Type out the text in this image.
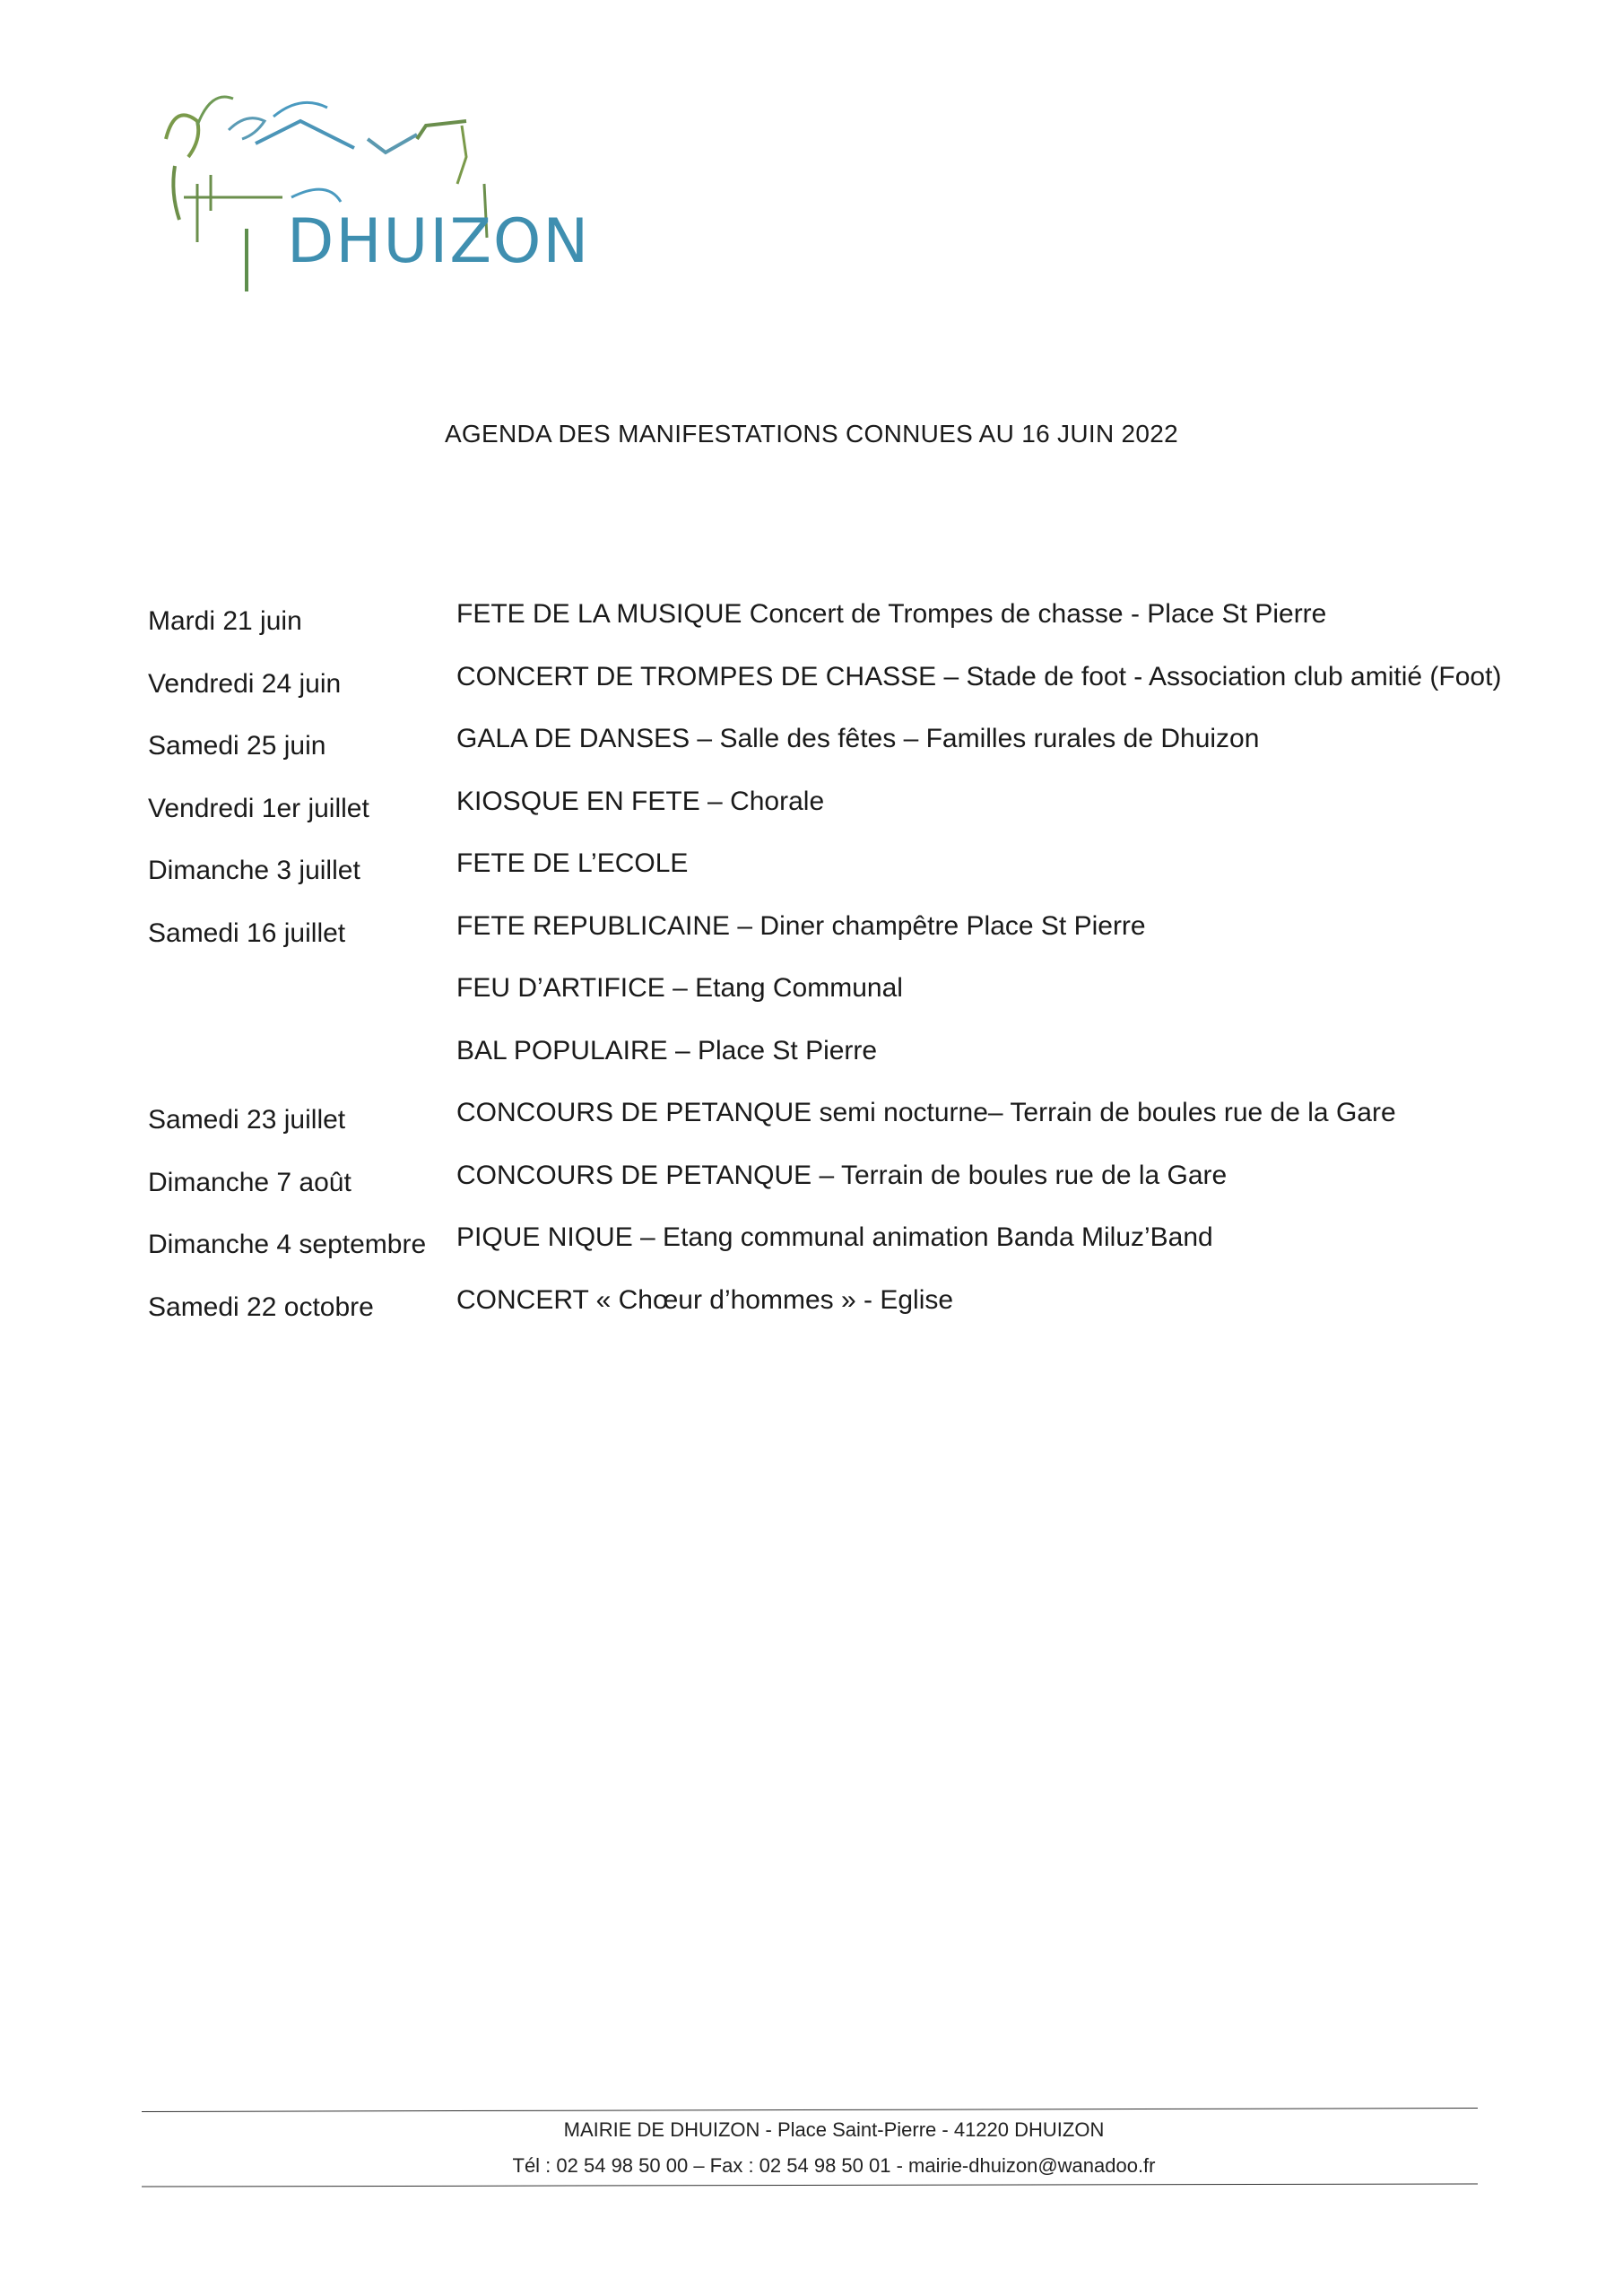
DHUIZON
AGENDA DES MANIFESTATIONS CONNUES AU 16 JUIN 2022
Mardi 21 juin	FETE DE LA MUSIQUE Concert de Trompes de chasse - Place St Pierre
Vendredi 24 juin	CONCERT DE TROMPES DE CHASSE – Stade de foot - Association club amitié (Foot)
Samedi 25 juin	GALA DE DANSES – Salle des fêtes – Familles rurales de Dhuizon
Vendredi 1er juillet	KIOSQUE EN FETE – Chorale
Dimanche 3 juillet	FETE DE L’ECOLE
Samedi 16 juillet	FETE REPUBLICAINE – Diner champêtre Place St Pierre
FEU D’ARTIFICE – Etang Communal
BAL POPULAIRE – Place St Pierre
Samedi 23 juillet	CONCOURS DE PETANQUE semi nocturne– Terrain de boules rue de la Gare
Dimanche 7 août	CONCOURS DE PETANQUE – Terrain de boules rue de la Gare
Dimanche 4 septembre PIQUE NIQUE – Etang communal animation Banda Miluz’Band
Samedi 22 octobre	CONCERT « Chœur d’hommes » - Eglise
MAIRIE DE DHUIZON - Place Saint-Pierre - 41220 DHUIZON
Tél : 02 54 98 50 00 – Fax : 02 54 98 50 01 - mairie-dhuizon@wanadoo.fr
